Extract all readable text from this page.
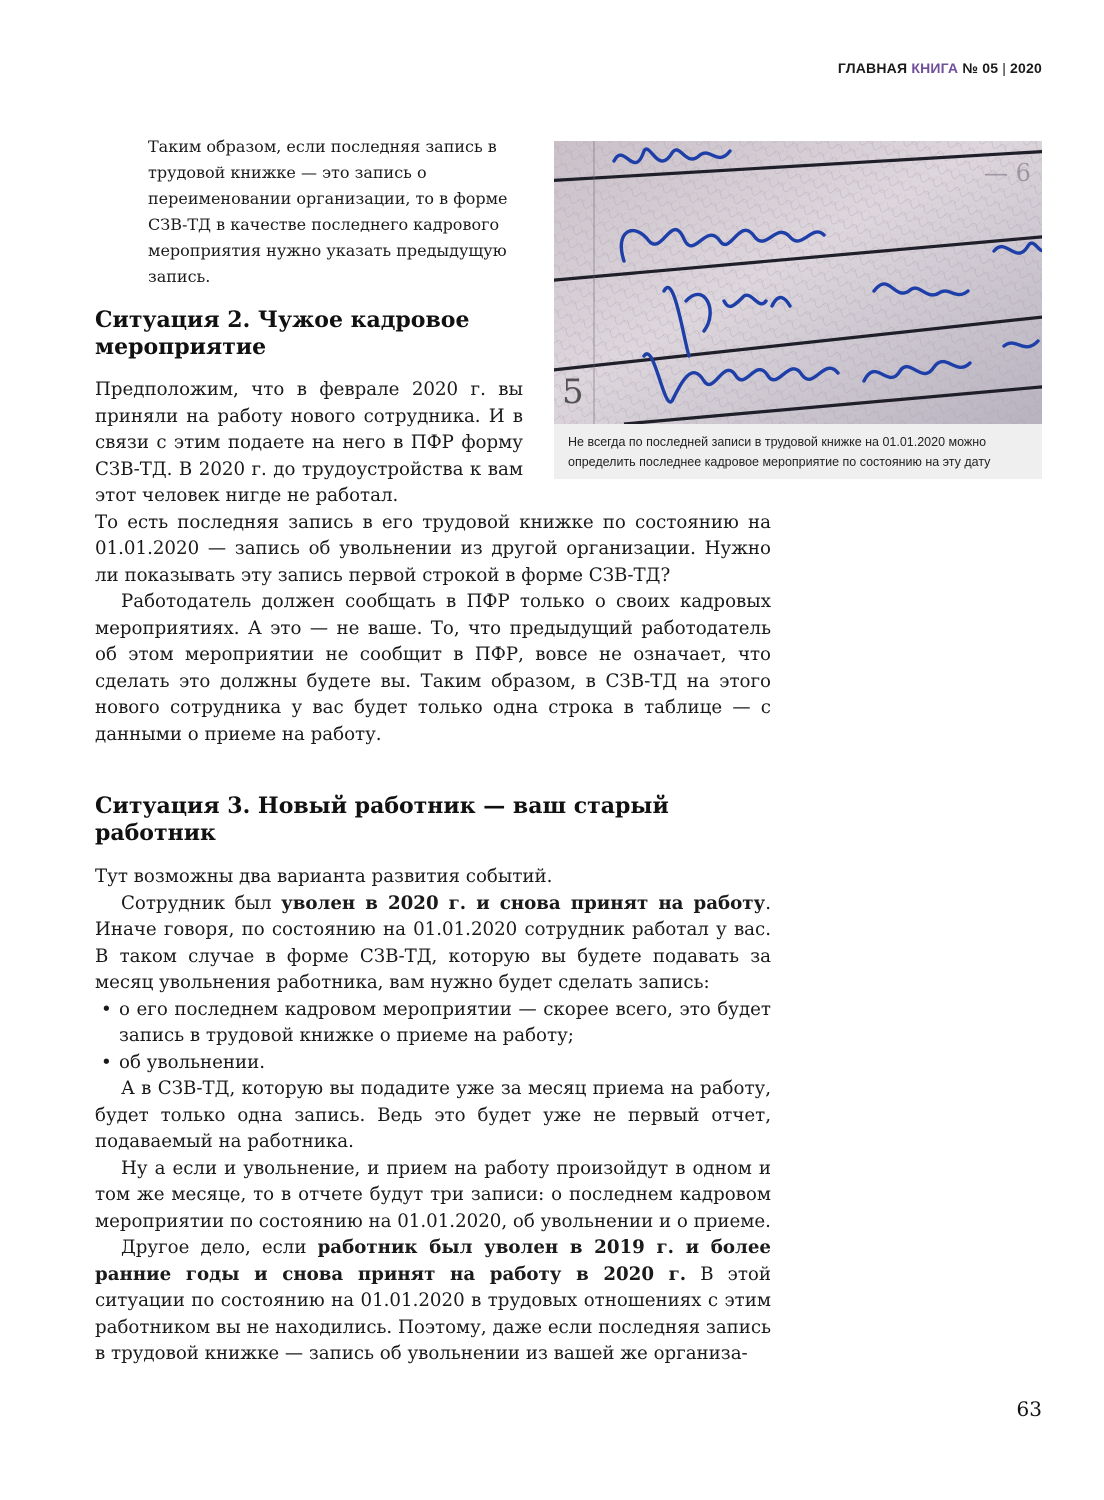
ГЛАВНАЯ КНИГА № 05 | 2020

Таким образом, если последняя запись в трудовой книжке — это запись о переименовании организации, то в форме СЗВ-ТД в качестве последнего кадрового мероприятия нужно указать предыдущую запись.

5
— 6

Не всегда по последней записи в трудовой книжке на 01.01.2020 можно определить последнее кадровое мероприятие по состоянию на эту дату

Ситуация 2. Чужое кадровое мероприятие

Предположим, что в феврале 2020 г. вы приняли на работу нового сотрудника. И в связи с этим подаете на него в ПФР форму СЗВ-ТД. В 2020 г. до трудоустройства к вам этот человек нигде не работал.

То есть последняя запись в его трудовой книжке по состоянию на 01.01.2020 — запись об увольнении из другой организации. Нужно ли показывать эту запись первой строкой в форме СЗВ-ТД?

Работодатель должен сообщать в ПФР только о своих кадровых мероприятиях. А это — не ваше. То, что предыдущий работодатель об этом мероприятии не сообщит в ПФР, вовсе не означает, что сделать это должны будете вы. Таким образом, в СЗВ-ТД на этого нового сотрудника у вас будет только одна строка в таблице — с данными о приеме на работу.

Ситуация 3. Новый работник — ваш старый работник

Тут возможны два варианта развития событий.

Сотрудник был уволен в 2020 г. и снова принят на работу. Иначе говоря, по состоянию на 01.01.2020 сотрудник работал у вас. В таком случае в форме СЗВ-ТД, которую вы будете подавать за месяц увольнения работника, вам нужно будет сделать запись:

• о его последнем кадровом мероприятии — скорее всего, это будет запись в трудовой книжке о приеме на работу;
• об увольнении.

А в СЗВ-ТД, которую вы подадите уже за месяц приема на работу, будет только одна запись. Ведь это будет уже не первый отчет, подаваемый на работника.

Ну а если и увольнение, и прием на работу произойдут в одном и том же месяце, то в отчете будут три записи: о последнем кадровом мероприятии по состоянию на 01.01.2020, об увольнении и о приеме.

Другое дело, если работник был уволен в 2019 г. и более ранние годы и снова принят на работу в 2020 г. В этой ситуации по состоянию на 01.01.2020 в трудовых отношениях с этим работником вы не находились. Поэтому, даже если последняя запись в трудовой книжке — запись об увольнении из вашей же организа-

63
